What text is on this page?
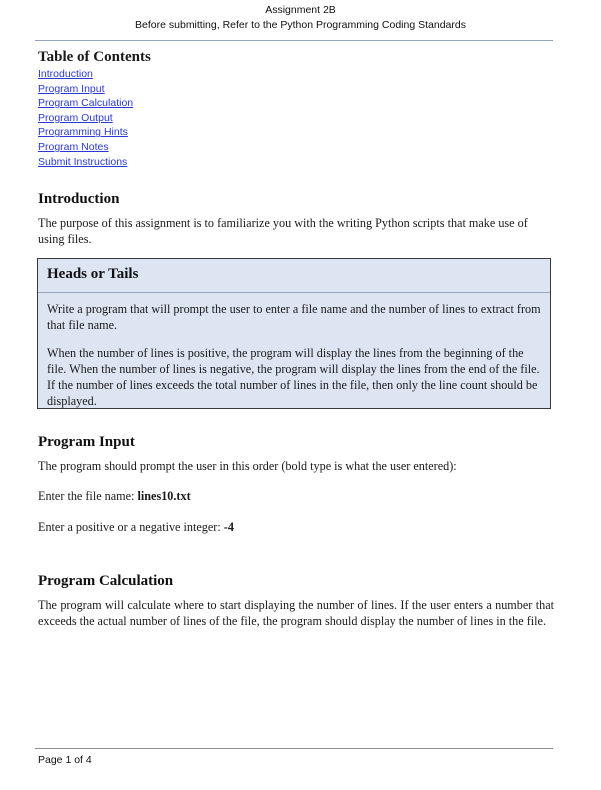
Assignment 2B
Before submitting, Refer to the Python Programming Coding Standards
Table of Contents
Introduction
Program Input
Program Calculation
Program Output
Programming Hints
Program Notes
Submit Instructions
Introduction

The purpose of this assignment is to familiarize you with the writing Python scripts that make use of using files.

Heads or Tails

Write a program that will prompt the user to enter a file name and the number of lines to extract from that file name.

When the number of lines is positive, the program will display the lines from the beginning of the file. When the number of lines is negative, the program will display the lines from the end of the file. If the number of lines exceeds the total number of lines in the file, then only the line count should be displayed.

Program Input

The program should prompt the user in this order (bold type is what the user entered):

Enter the file name: lines10.txt

Enter a positive or a negative integer: -4

Program Calculation

The program will calculate where to start displaying the number of lines. If the user enters a number that exceeds the actual number of lines of the file, the program should display the number of lines in the file.

Page 1 of 4
